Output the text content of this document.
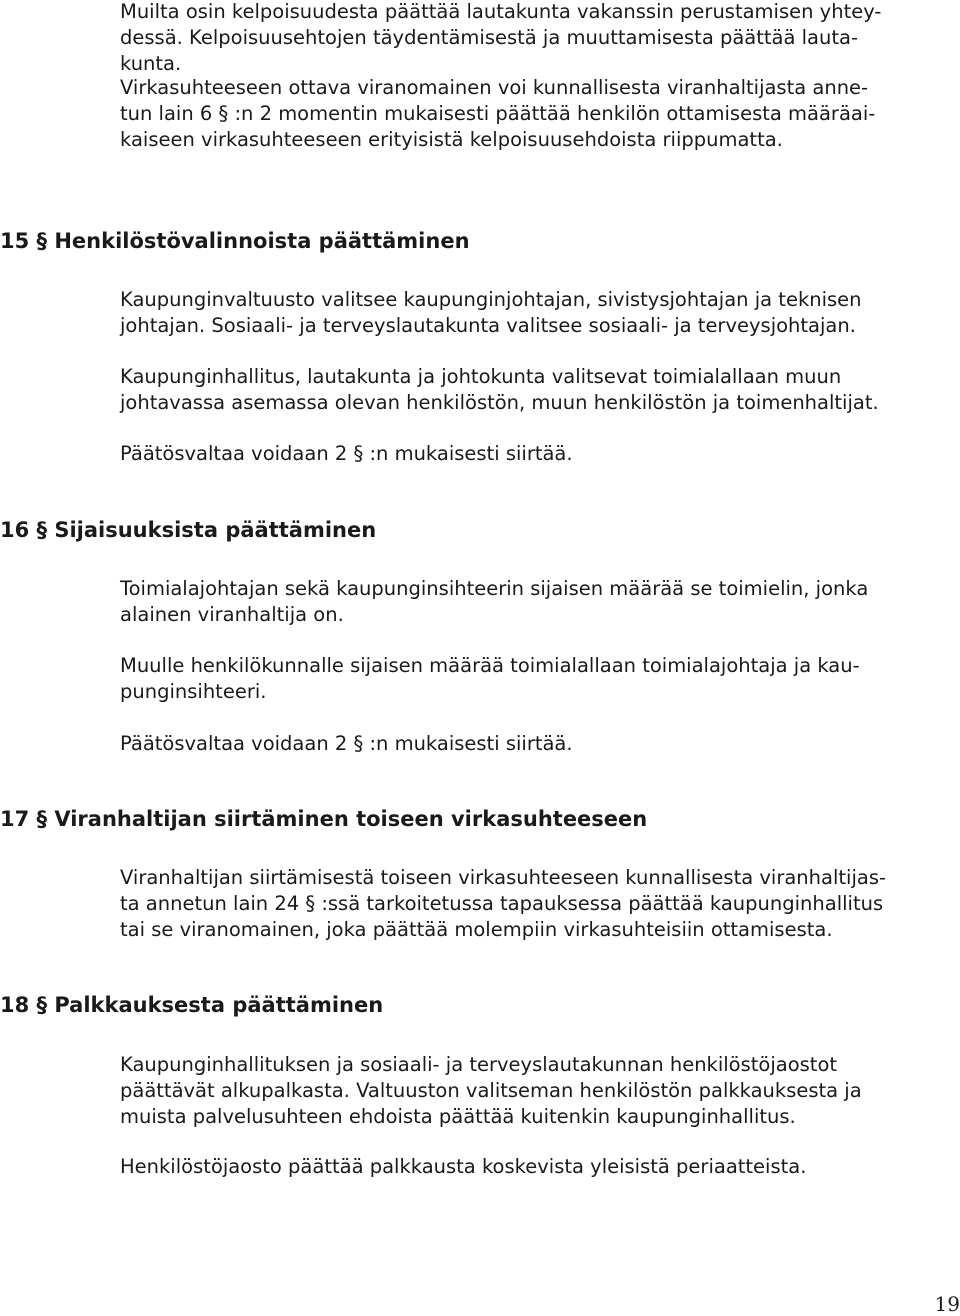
Muilta osin kelpoisuudesta päättää lautakunta vakanssin perustamisen yhtey-
dessä. Kelpoisuusehtojen täydentämisestä ja muuttamisesta päättää lauta-
kunta.

Virkasuhteeseen ottava viranomainen voi kunnallisesta viranhaltijasta anne-
tun lain 6 § :n 2 momentin mukaisesti päättää henkilön ottamisesta määräai-
kaiseen virkasuhteeseen erityisistä kelpoisuusehdoista riippumatta.

15 § Henkilöstövalinnoista päättäminen

Kaupunginvaltuusto valitsee kaupunginjohtajan, sivistysjohtajan ja teknisen
johtajan. Sosiaali- ja terveyslautakunta valitsee sosiaali- ja terveysjohtajan.

Kaupunginhallitus, lautakunta ja johtokunta valitsevat toimialallaan muun
johtavassa asemassa olevan henkilöstön, muun henkilöstön ja toimenhaltijat.

Päätösvaltaa voidaan 2 § :n mukaisesti siirtää.

16 § Sijaisuuksista päättäminen

Toimialajohtajan sekä kaupunginsihteerin sijaisen määrää se toimielin, jonka
alainen viranhaltija on.

Muulle henkilökunnalle sijaisen määrää toimialallaan toimialajohtaja ja kau-
punginsihteeri.

Päätösvaltaa voidaan 2 § :n mukaisesti siirtää.

17 § Viranhaltijan siirtäminen toiseen virkasuhteeseen

Viranhaltijan siirtämisestä toiseen virkasuhteeseen kunnallisesta viranhaltijas-
ta annetun lain 24 § :ssä tarkoitetussa tapauksessa päättää kaupunginhallitus
tai se viranomainen, joka päättää molempiin virkasuhteisiin ottamisesta.

18 § Palkkauksesta päättäminen

Kaupunginhallituksen ja sosiaali- ja terveyslautakunnan henkilöstöjaostot
päättävät alkupalkasta. Valtuuston valitseman henkilöstön palkkauksesta ja
muista palvelusuhteen ehdoista päättää kuitenkin kaupunginhallitus.

Henkilöstöjaosto päättää palkkausta koskevista yleisistä periaatteista.

19
